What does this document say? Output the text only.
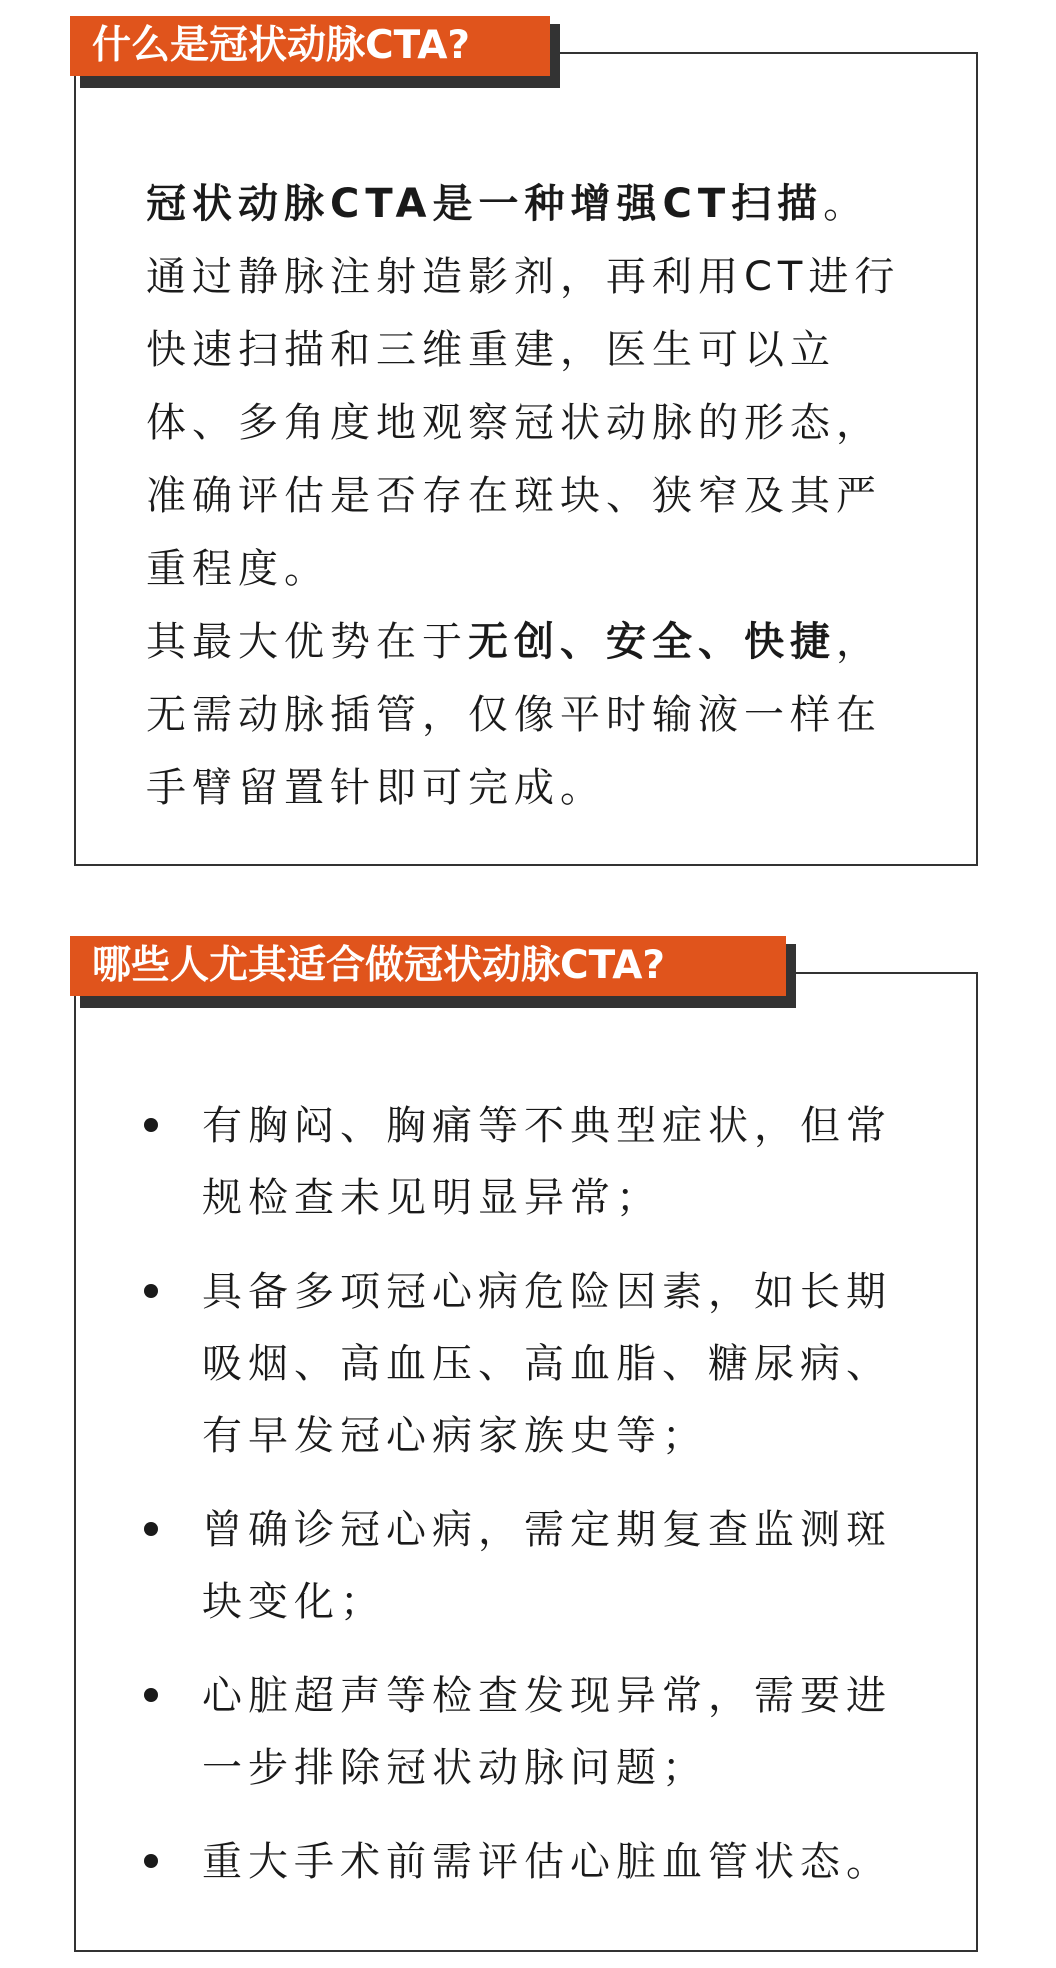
什么是冠状动脉CTA?

冠状动脉CTA是一种增强CT扫描。通过静脉注射造影剂，再利用CT进行快速扫描和三维重建，医生可以立体、多角度地观察冠状动脉的形态，准确评估是否存在斑块、狭窄及其严重程度。

其最大优势在于无创、安全、快捷，无需动脉插管，仅像平时输液一样在手臂留置针即可完成。

哪些人尤其适合做冠状动脉CTA?
有胸闷、胸痛等不典型症状，但常规检查未见明显异常；
具备多项冠心病危险因素，如长期吸烟、高血压、高血脂、糖尿病、有早发冠心病家族史等；
曾确诊冠心病，需定期复查监测斑块变化；
心脏超声等检查发现异常，需要进一步排除冠状动脉问题；
重大手术前需评估心脏血管状态。
